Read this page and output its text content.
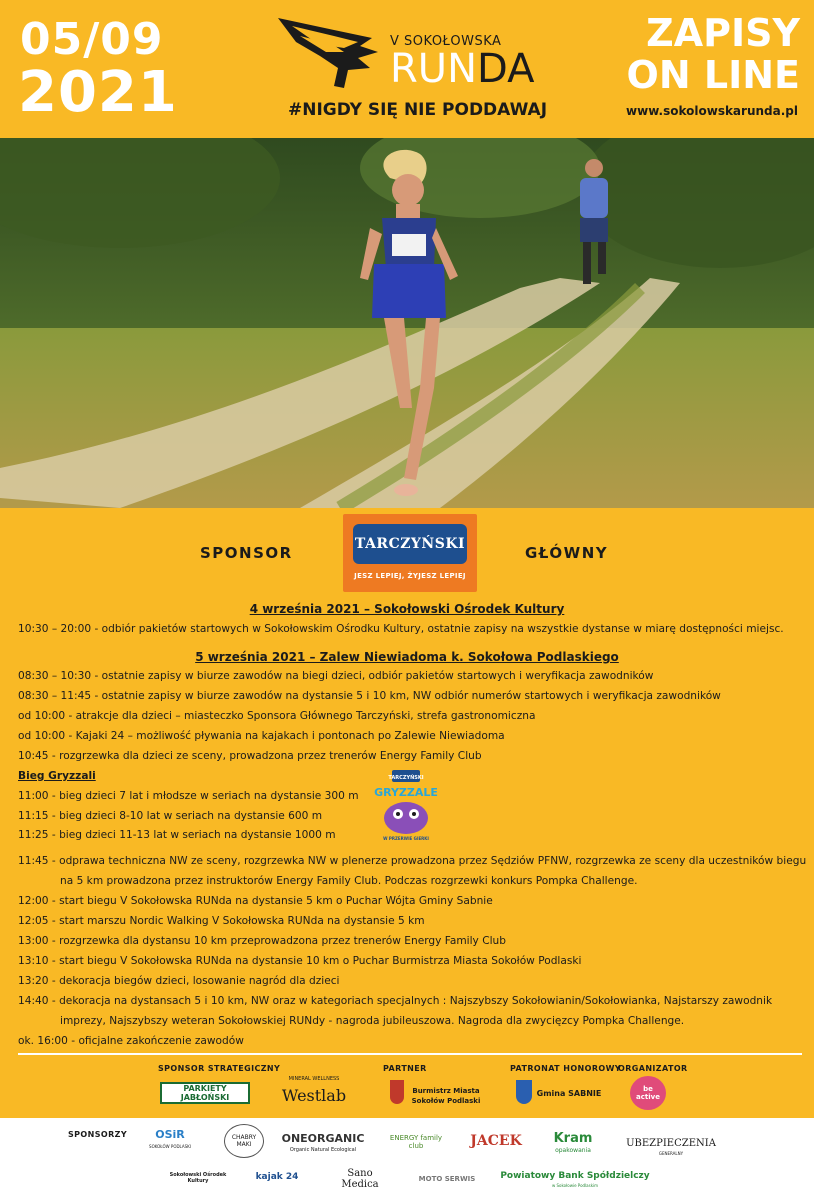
05/09
2021
V SOKOŁOWSKA
RUNDA
#NIGDY SIĘ NIE PODDAWAJ
ZAPISY
ON LINE
www.sokolowskarunda.pl
SPONSOR	TARCZYŃSKI
JESZ LEPIEJ, ŻYJESZ LEPIEJ
GŁÓWNY
4 września 2021 – Sokołowski Ośrodek Kultury
10:30 – 20:00 - odbiór pakietów startowych w Sokołowskim Ośrodku Kultury, ostatnie zapisy na wszystkie dystanse w miarę dostępności miejsc.
5 września 2021 – Zalew Niewiadoma k. Sokołowa Podlaskiego
08:30 – 10:30 - ostatnie zapisy w biurze zawodów na biegi dzieci, odbiór pakietów startowych i weryfikacja zawodników
08:30 – 11:45 - ostatnie zapisy w biurze zawodów na dystansie 5 i 10 km, NW odbiór numerów startowych i weryfikacja zawodników
od 10:00 - atrakcje dla dzieci – miasteczko Sponsora Głównego Tarczyński, strefa gastronomiczna
od 10:00 - Kajaki 24 – możliwość pływania na kajakach i pontonach po Zalewie Niewiadoma
10:45 - rozgrzewka dla dzieci ze sceny, prowadzona przez trenerów Energy Family Club
Bieg Gryzzali
11:00 - bieg dzieci 7 lat i młodsze w seriach na dystansie 300 m
11:15 - bieg dzieci 8-10 lat w seriach na dystansie 600 m
11:25 - bieg dzieci 11-13 lat w seriach na dystansie 1000 m
TARCZYŃSKI
GRYZZALE
W PRZERWIE GIERKI
11:45 - odprawa techniczna NW ze sceny, rozgrzewka NW w plenerze prowadzona przez Sędziów PFNW, rozgrzewka ze sceny dla uczestników biegu
na 5 km prowadzona przez instruktorów Energy Family Club. Podczas rozgrzewki konkurs Pompka Challenge.
12:00 - start biegu V Sokołowska RUNda na dystansie 5 km o Puchar Wójta Gminy Sabnie
12:05 - start marszu Nordic Walking V Sokołowska RUNda na dystansie 5 km
13:00 - rozgrzewka dla dystansu 10 km przeprowadzona przez trenerów Energy Family Club
13:10 - start biegu V Sokołowska RUNda na dystansie 10 km o Puchar Burmistrza Miasta Sokołów Podlaski
13:20 - dekoracja biegów dzieci, losowanie nagród dla dzieci
14:40 - dekoracja na dystansach 5 i 10 km, NW oraz w kategoriach specjalnych : Najszybszy Sokołowianin/Sokołowianka, Najstarszy zawodnik
imprezy, Najszybszy weteran Sokołowskiej RUNdy - nagroda jubileuszowa. Nagroda dla zwycięzcy Pompka Challenge.
ok. 16:00 - oficjalne zakończenie zawodów
SPONSOR STRATEGICZNY	PARTNER	PATRONAT HONOROWY
ORGANIZATOR
PARKIETY JABŁOŃSKI
MINERAL WELLNESS
Westlab	Burmistrz Miasta
Sokołów Podlaski
Gmina SABNIE	be active
SPONSORZY	OSiR
SOKOŁÓW PODLASKI
CHABRY MAKI	ONEORGANIC
Organic Natural Ecological
ENERGY family club	JACEK	Kram
opakowania
UBEZPIECZENIA
GENERALNY
Sokołowski Ośrodek Kultury	kajak 24	Sano Medica	MOTO SERWIS	Powiatowy Bank Spółdzielczy
w Sokołowie Podlaskim
